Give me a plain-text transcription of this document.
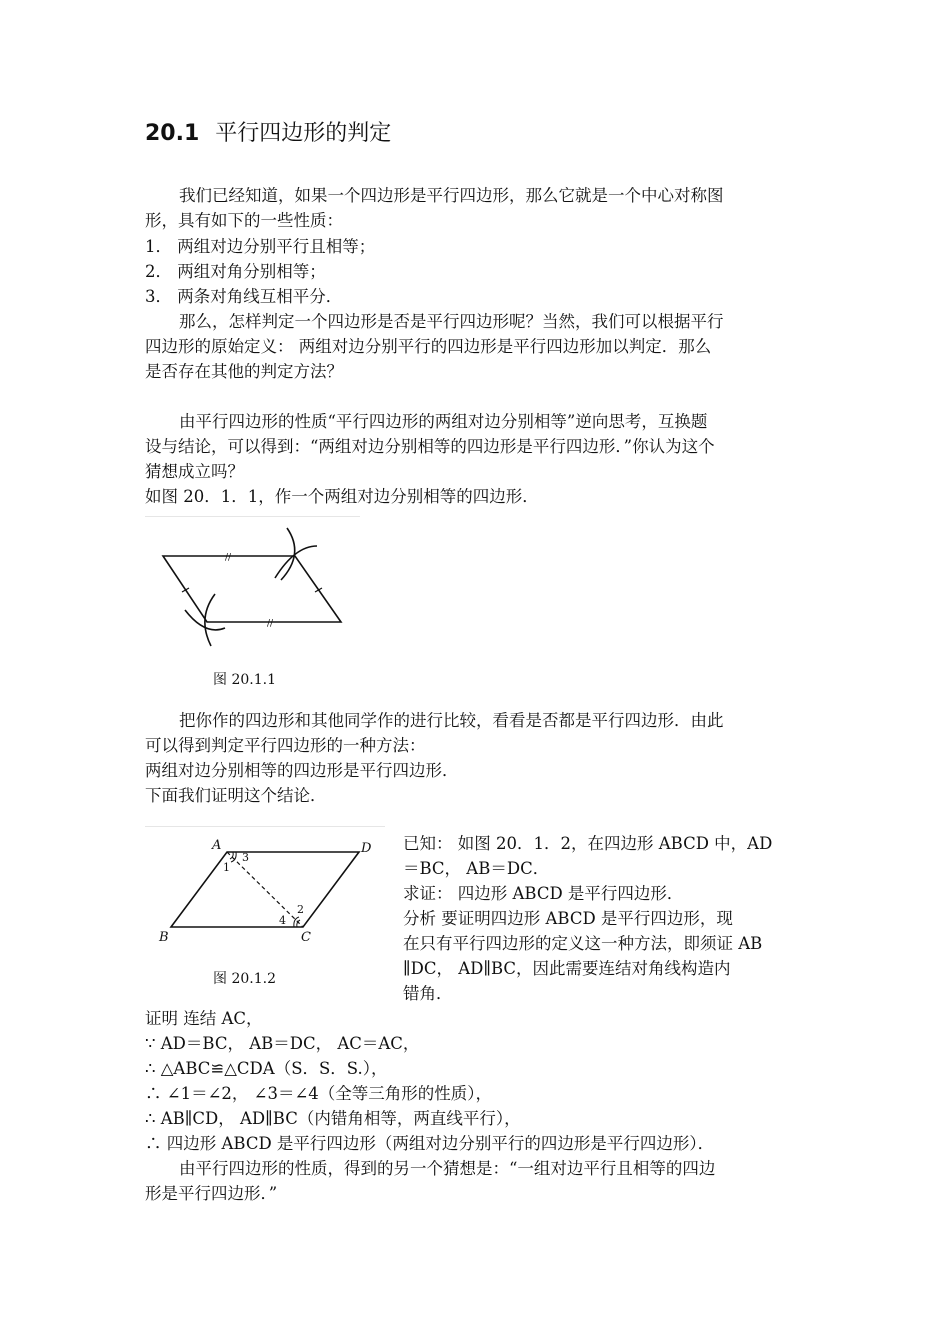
20.1 平行四边形的判定
我们已经知道，如果一个四边形是平行四边形，那么它就是一个中心对称图
形，具有如下的一些性质：
1． 两组对边分别平行且相等；
2． 两组对角分别相等；
3． 两条对角线互相平分．
那么，怎样判定一个四边形是否是平行四边形呢？当然，我们可以根据平行
四边形的原始定义： 两组对边分别平行的四边形是平行四边形加以判定．那么
是否存在其他的判定方法？
由平行四边形的性质“平行四边形的两组对边分别相等”逆向思考，互换题
设与结论，可以得到：“两组对边分别相等的四边形是平行四边形．”你认为这个
猜想成立吗？
如图 20．1．1，作一个两组对边分别相等的四边形．
//
//
图 20.1.1
把你作的四边形和其他同学作的进行比较，看看是否都是平行四边形．由此
可以得到判定平行四边形的一种方法：
两组对边分别相等的四边形是平行四边形．
下面我们证明这个结论．
A	D
B	C
1
3
2
4
图 20.1.2
已知： 如图 20．1．2，在四边形 ABCD 中，AD
＝BC， AB＝DC．
求证： 四边形 ABCD 是平行四边形．
分析 要证明四边形 ABCD 是平行四边形，现
在只有平行四边形的定义这一种方法，即须证 AB
∥DC， AD∥BC，因此需要连结对角线构造内
错角．
证明 连结 AC，
∵ AD＝BC， AB＝DC， AC＝AC，
∴ △ABC≌△CDA（S．S．S.），
∴ ∠1＝∠2， ∠3＝∠4（全等三角形的性质），
∴ AB∥CD， AD∥BC（内错角相等，两直线平行），
∴ 四边形 ABCD 是平行四边形（两组对边分别平行的四边形是平行四边形）．
由平行四边形的性质，得到的另一个猜想是：“一组对边平行且相等的四边
形是平行四边形．”
